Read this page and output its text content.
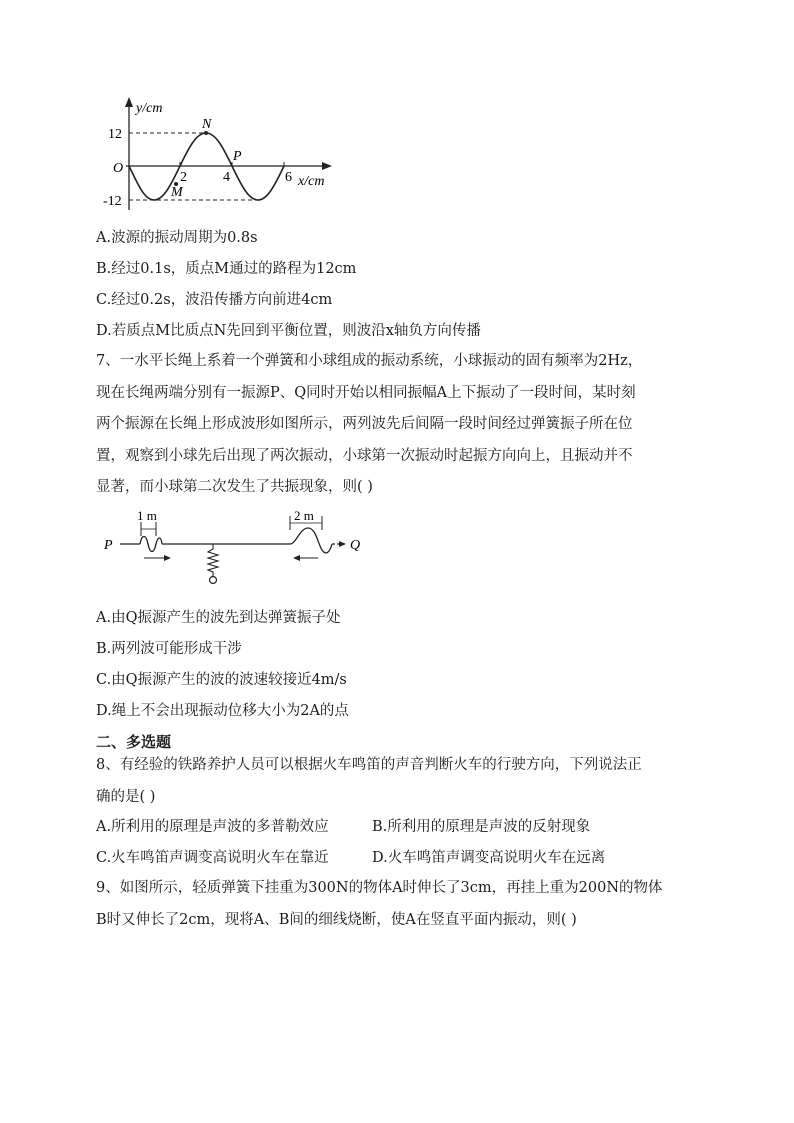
y/cm
x/cm
O
12
-12
2	4	6
N
P
M
A.波源的振动周期为0.8s
B.经过0.1s，质点M通过的路程为12cm
C.经过0.2s，波沿传播方向前进4cm
D.若质点M比质点N先回到平衡位置，则波沿x轴负方向传播
7、一水平长绳上系着一个弹簧和小球组成的振动系统，小球振动的固有频率为2Hz，
现在长绳两端分别有一振源P、Q同时开始以相同振幅A上下振动了一段时间，某时刻
两个振源在长绳上形成波形如图所示，两列波先后间隔一段时间经过弹簧振子所在位
置，观察到小球先后出现了两次振动，小球第一次振动时起振方向向上，且振动并不
显著，而小球第二次发生了共振现象，则( )
1 m	2 m
P	Q
A.由Q振源产生的波先到达弹簧振子处
B.两列波可能形成干涉
C.由Q振源产生的波的波速较接近4m/s
D.绳上不会出现振动位移大小为2A的点
二、多选题
8、有经验的铁路养护人员可以根据火车鸣笛的声音判断火车的行驶方向，下列说法正
确的是( )
A.所利用的原理是声波的多普勒效应	B.所利用的原理是声波的反射现象
C.火车鸣笛声调变高说明火车在靠近	D.火车鸣笛声调变高说明火车在远离
9、如图所示，轻质弹簧下挂重为300N的物体A时伸长了3cm，再挂上重为200N的物体
B时又伸长了2cm，现将A、B间的细线烧断，使A在竖直平面内振动，则( )
